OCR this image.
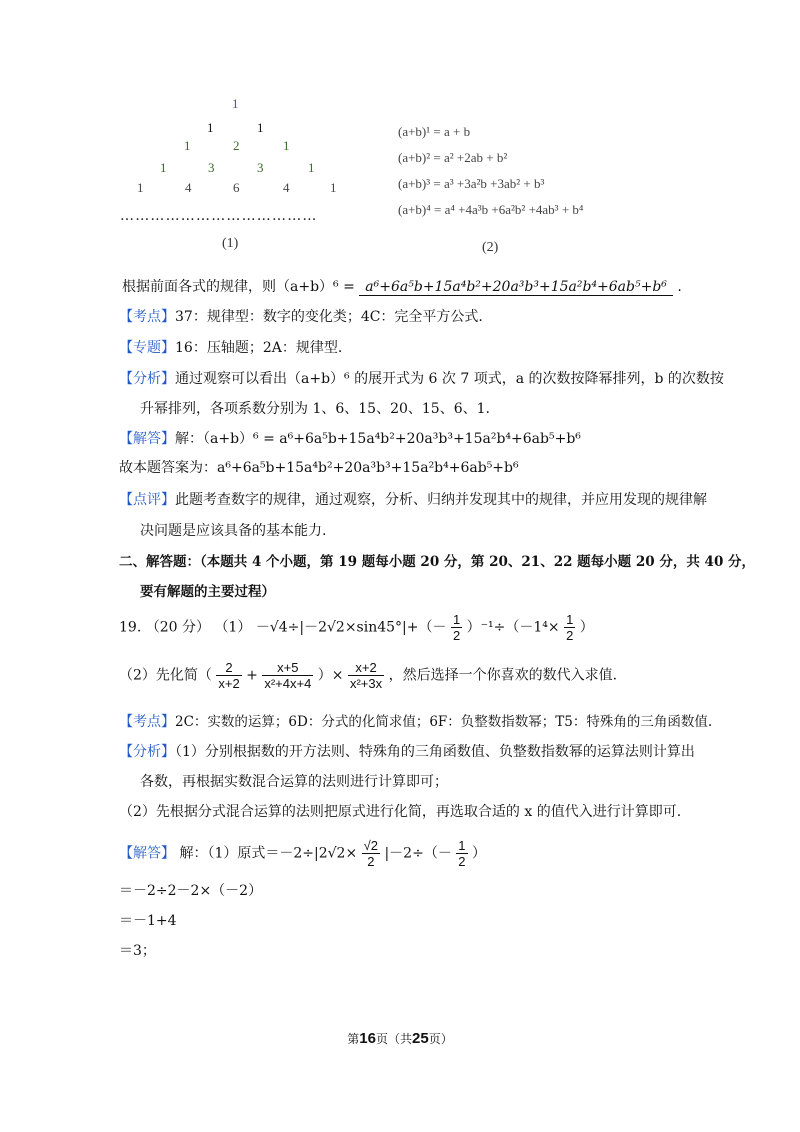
1
1	1
1	2	1
1	3	3	1
1	4	6	4	1
…………………………………
(1)	(2)
(a+b)¹ = a + b
(a+b)² = a² +2ab + b²
(a+b)³ = a³ +3a²b +3ab² + b³
(a+b)⁴ = a⁴ +4a³b +6a²b² +4ab³ + b⁴
根据前面各式的规律，则（a+b）⁶ = a⁶+6a⁵b+15a⁴b²+20a³b³+15a²b⁴+6ab⁵+b⁶ .
【考点】37：规律型：数字的变化类；4C：完全平方公式.
【专题】16：压轴题；2A：规律型.
【分析】通过观察可以看出（a+b）⁶ 的展开式为 6 次 7 项式，a 的次数按降幂排列，b 的次数按
升幂排列，各项系数分别为 1、6、15、20、15、6、1.
【解答】解：（a+b）⁶ = a⁶+6a⁵b+15a⁴b²+20a³b³+15a²b⁴+6ab⁵+b⁶
故本题答案为：a⁶+6a⁵b+15a⁴b²+20a³b³+15a²b⁴+6ab⁵+b⁶
【点评】此题考查数字的规律，通过观察，分析、归纳并发现其中的规律，并应用发现的规律解
决问题是应该具备的基本能力.
二、解答题：（本题共 4 个小题，第 19 题每小题 20 分，第 20、21、22 题每小题 20 分，共 40 分，
要有解题的主要过程）
19. （20 分） $(1) -√4\div|-2√2\times\sin 45^\circ|+(- \frac{1}{2} )^{-1}\div(-1^4\times \frac{1}{2}$ ）
（2）先化简（ $\frac{2}{x+2} + \frac{x+5}{\text{x²+4x+4}}$ ）× $\frac{x+2}{\text{x²+3x}}$ ，然后选择一个你喜欢的数代入求值.
【考点】2C：实数的运算；6D：分式的化简求值；6F：负整数指数幂；T5：特殊角的三角函数值.
【分析】（1）分别根据数的开方法则、特殊角的三角函数值、负整数指数幂的运算法则计算出
各数，再根据实数混合运算的法则进行计算即可；
（2）先根据分式混合运算的法则把原式进行化简，再选取合适的 x 的值代入进行计算即可.
【解答】 解：（1）原式$=-2\div|2√2\times \frac{√2}{2} |-2\div(- \frac{1}{2}$ ）
＝－2÷2－2×（－2）
＝－1+4
＝3；
第16页（共25页）
